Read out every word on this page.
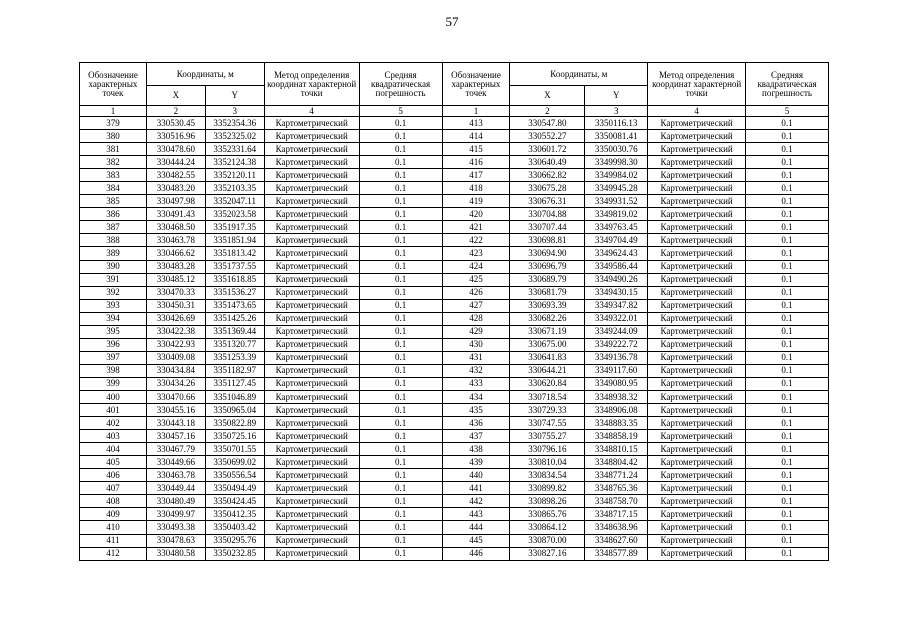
57
Обозначение характерных точек	Координаты, м		Метод определения координат характерной точки	Средняя квадратическая погрешность
	X	Y		
1	2	3	4	5
379	330530.45	3352354.36	Картометрический	0.1
380	330516.96	3352325.02	Картометрический	0.1
381	330478.60	3352331.64	Картометрический	0.1
382	330444.24	3352124.38	Картометрический	0.1
383	330482.55	3352120.11	Картометрический	0.1
384	330483.20	3352103.35	Картометрический	0.1
385	330497.98	3352047.11	Картометрический	0.1
386	330491.43	3352023.58	Картометрический	0.1
387	330468.50	3351917.35	Картометрический	0.1
388	330463.78	3351851.94	Картометрический	0.1
389	330466.62	3351813.42	Картометрический	0.1
390	330483.28	3351737.55	Картометрический	0.1
391	330485.12	3351618.85	Картометрический	0.1
392	330470.33	3351536.27	Картометрический	0.1
393	330450.31	3351473.65	Картометрический	0.1
394	330426.69	3351425.26	Картометрический	0.1
395	330422.38	3351369.44	Картометрический	0.1
396	330422.93	3351320.77	Картометрический	0.1
397	330409.08	3351253.39	Картометрический	0.1
398	330434.84	3351182.97	Картометрический	0.1
399	330434.26	3351127.45	Картометрический	0.1
400	330470.66	3351046.89	Картометрический	0.1
401	330455.16	3350965.04	Картометрический	0.1
402	330443.18	3350822.89	Картометрический	0.1
403	330457.16	3350725.16	Картометрический	0.1
404	330467.79	3350701.55	Картометрический	0.1
405	330449.66	3350699.02	Картометрический	0.1
406	330463.78	3350556.54	Картометрический	0.1
407	330449.44	3350494.49	Картометрический	0.1
408	330480.49	3350424.45	Картометрический	0.1
409	330499.97	3350412.35	Картометрический	0.1
410	330493.38	3350403.42	Картометрический	0.1
411	330478.63	3350295.76	Картометрический	0.1
412	330480.58	3350232.85	Картометрический	0.1
Обозначение характерных точек	Координаты, м		Метод определения координат характерной точки	Средняя квадратическая погрешность
	X	Y		
1	2	3	4	5
413	330547.80	3350116.13	Картометрический	0.1
414	330552.27	3350081.41	Картометрический	0.1
415	330601.72	3350030.76	Картометрический	0.1
416	330640.49	3349998.30	Картометрический	0.1
417	330662.82	3349984.02	Картометрический	0.1
418	330675.28	3349945.28	Картометрический	0.1
419	330676.31	3349931.52	Картометрический	0.1
420	330704.88	3349819.02	Картометрический	0.1
421	330707.44	3349763.45	Картометрический	0.1
422	330698.81	3349704.49	Картометрический	0.1
423	330694.90	3349624.43	Картометрический	0.1
424	330696.79	3349586.44	Картометрический	0.1
425	330689.79	3349490.26	Картометрический	0.1
426	330681.79	3349430.15	Картометрический	0.1
427	330693.39	3349347.82	Картометрический	0.1
428	330682.26	3349322.01	Картометрический	0.1
429	330671.19	3349244.09	Картометрический	0.1
430	330675.00	3349222.72	Картометрический	0.1
431	330641.83	3349136.78	Картометрический	0.1
432	330644.21	3349117.60	Картометрический	0.1
433	330620.84	3349080.95	Картометрический	0.1
434	330718.54	3348938.32	Картометрический	0.1
435	330729.33	3348906.08	Картометрический	0.1
436	330747.55	3348883.35	Картометрический	0.1
437	330755.27	3348858.19	Картометрический	0.1
438	330796.16	3348810.15	Картометрический	0.1
439	330810.04	3348804.42	Картометрический	0.1
440	330834.54	3348771.24	Картометрический	0.1
441	330899.82	3348765.36	Картометрический	0.1
442	330898.26	3348758.70	Картометрический	0.1
443	330865.76	3348717.15	Картометрический	0.1
444	330864.12	3348638.96	Картометрический	0.1
445	330870.00	3348627.60	Картометрический	0.1
446	330827.16	3348577.89	Картометрический	0.1
